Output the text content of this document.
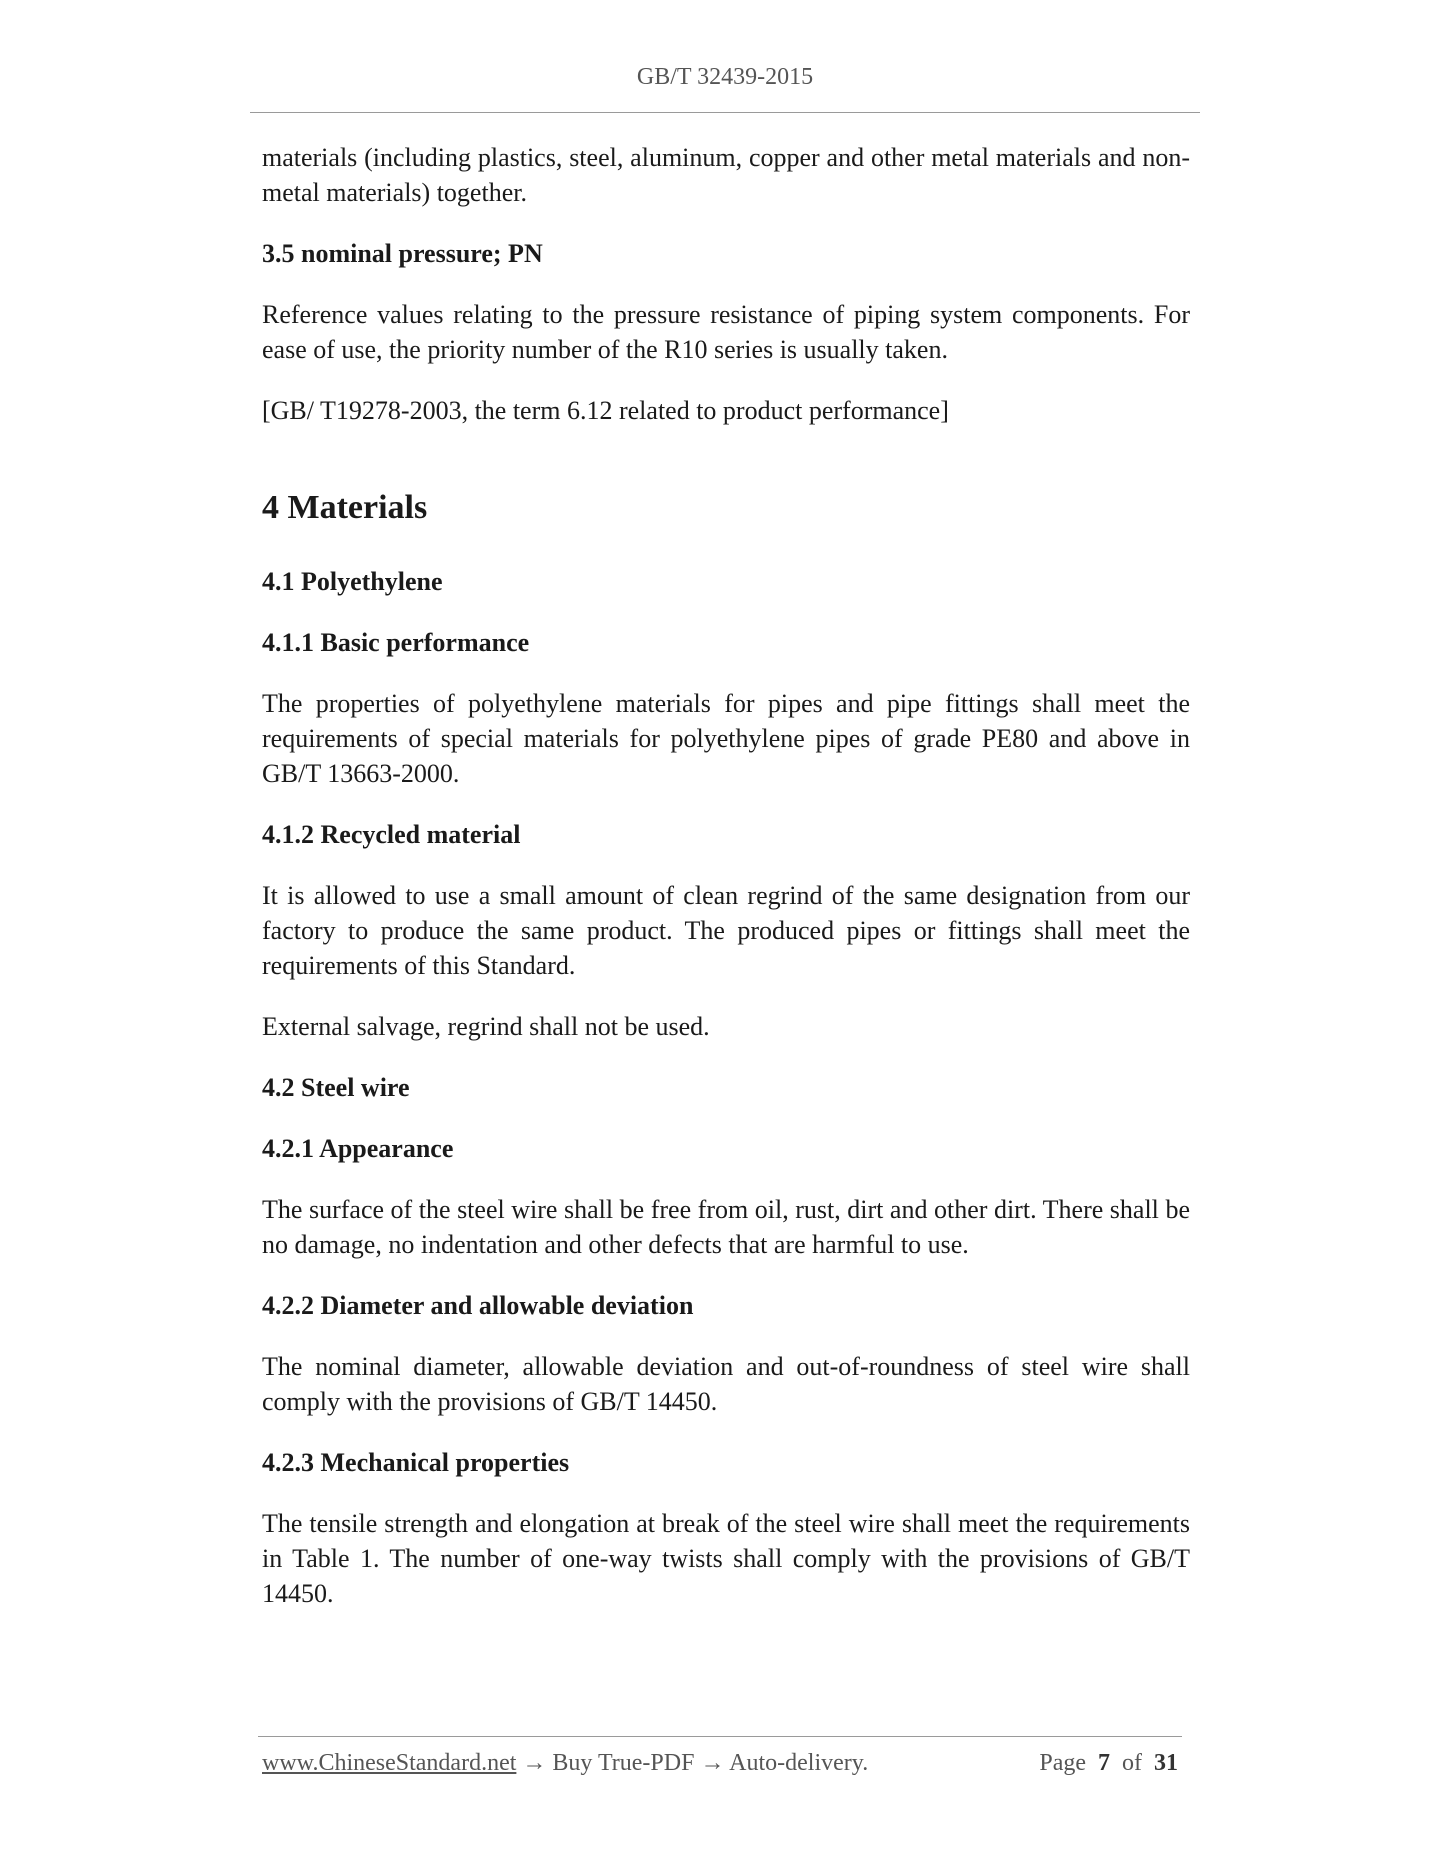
GB/T 32439-2015

materials (including plastics, steel, aluminum, copper and other metal materials and non-metal materials) together.

3.5 nominal pressure; PN

Reference values relating to the pressure resistance of piping system components. For ease of use, the priority number of the R10 series is usually taken.

[GB/ T19278-2003, the term 6.12 related to product performance]

4 Materials
4.1 Polyethylene
4.1.1 Basic performance

The properties of polyethylene materials for pipes and pipe fittings shall meet the requirements of special materials for polyethylene pipes of grade PE80 and above in GB/T 13663-2000.

4.1.2 Recycled material

It is allowed to use a small amount of clean regrind of the same designation from our factory to produce the same product. The produced pipes or fittings shall meet the requirements of this Standard.

External salvage, regrind shall not be used.

4.2 Steel wire
4.2.1 Appearance

The surface of the steel wire shall be free from oil, rust, dirt and other dirt. There shall be no damage, no indentation and other defects that are harmful to use.

4.2.2 Diameter and allowable deviation

The nominal diameter, allowable deviation and out-of-roundness of steel wire shall comply with the provisions of GB/T 14450.

4.2.3 Mechanical properties

The tensile strength and elongation at break of the steel wire shall meet the requirements in Table 1. The number of one-way twists shall comply with the provisions of GB/T 14450.

www.ChineseStandard.net → Buy True-PDF → Auto-delivery.	Page 7 of 31
